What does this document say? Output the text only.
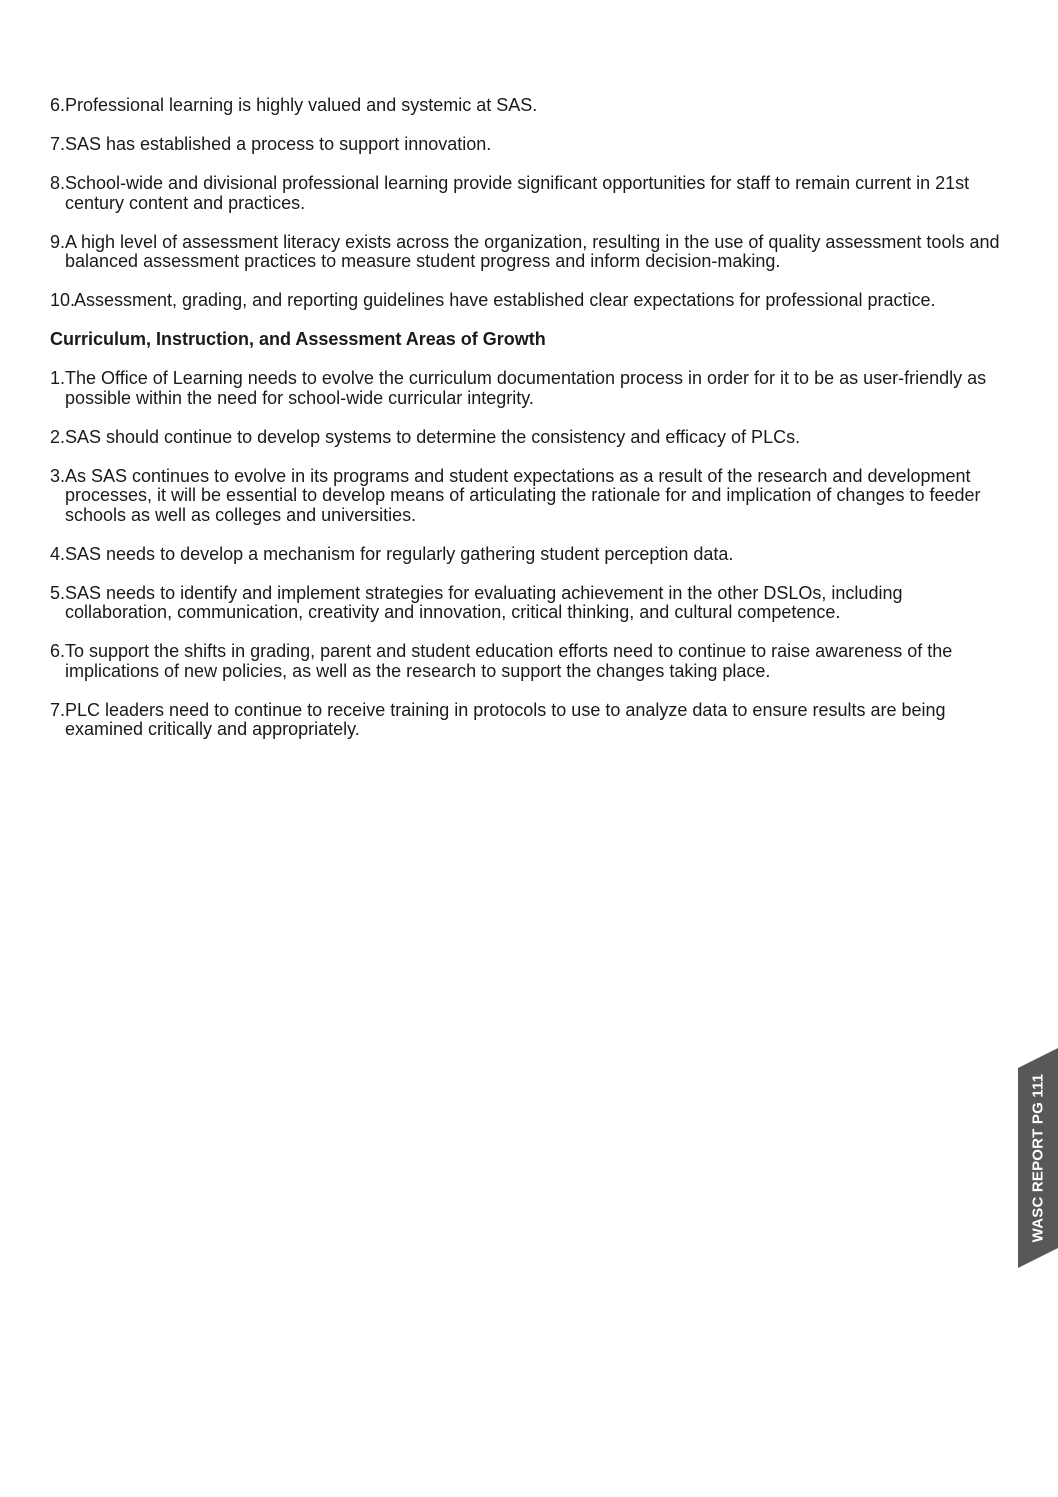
6. Professional learning is highly valued and systemic at SAS.
7. SAS has established a process to support innovation.
8. School-wide and divisional professional learning provide significant opportunities for staff to remain current in 21st century content and practices.
9. A high level of assessment literacy exists across the organization, resulting in the use of quality assessment tools and balanced assessment practices to measure student progress and inform decision-making.
10.
Assessment, grading, and reporting guidelines have established clear expectations for professional practice.
Curriculum, Instruction, and Assessment Areas of Growth
1. The Office of Learning needs to evolve the curriculum documentation process in order for it to be as user-friendly as possible within the need for school-wide curricular integrity.
2. SAS should continue to develop systems to determine the consistency and efficacy of PLCs.
3. As SAS continues to evolve in its programs and student expectations as a result of the research and development processes, it will be essential to develop means of articulating the rationale for and implication of changes to feeder schools as well as colleges and universities.
4. SAS needs to develop a mechanism for regularly gathering student perception data.
5. SAS needs to identify and implement strategies for evaluating achievement in the other DSLOs, including collaboration, communication, creativity and innovation, critical thinking, and cultural competence.
6. To support the shifts in grading, parent and student education efforts need to continue to raise awareness of the implications of new policies, as well as the research to support the changes taking place.
7. PLC leaders need to continue to receive training in protocols to use to analyze data to ensure results are being examined critically and appropriately.
WASC REPORT PG 111
